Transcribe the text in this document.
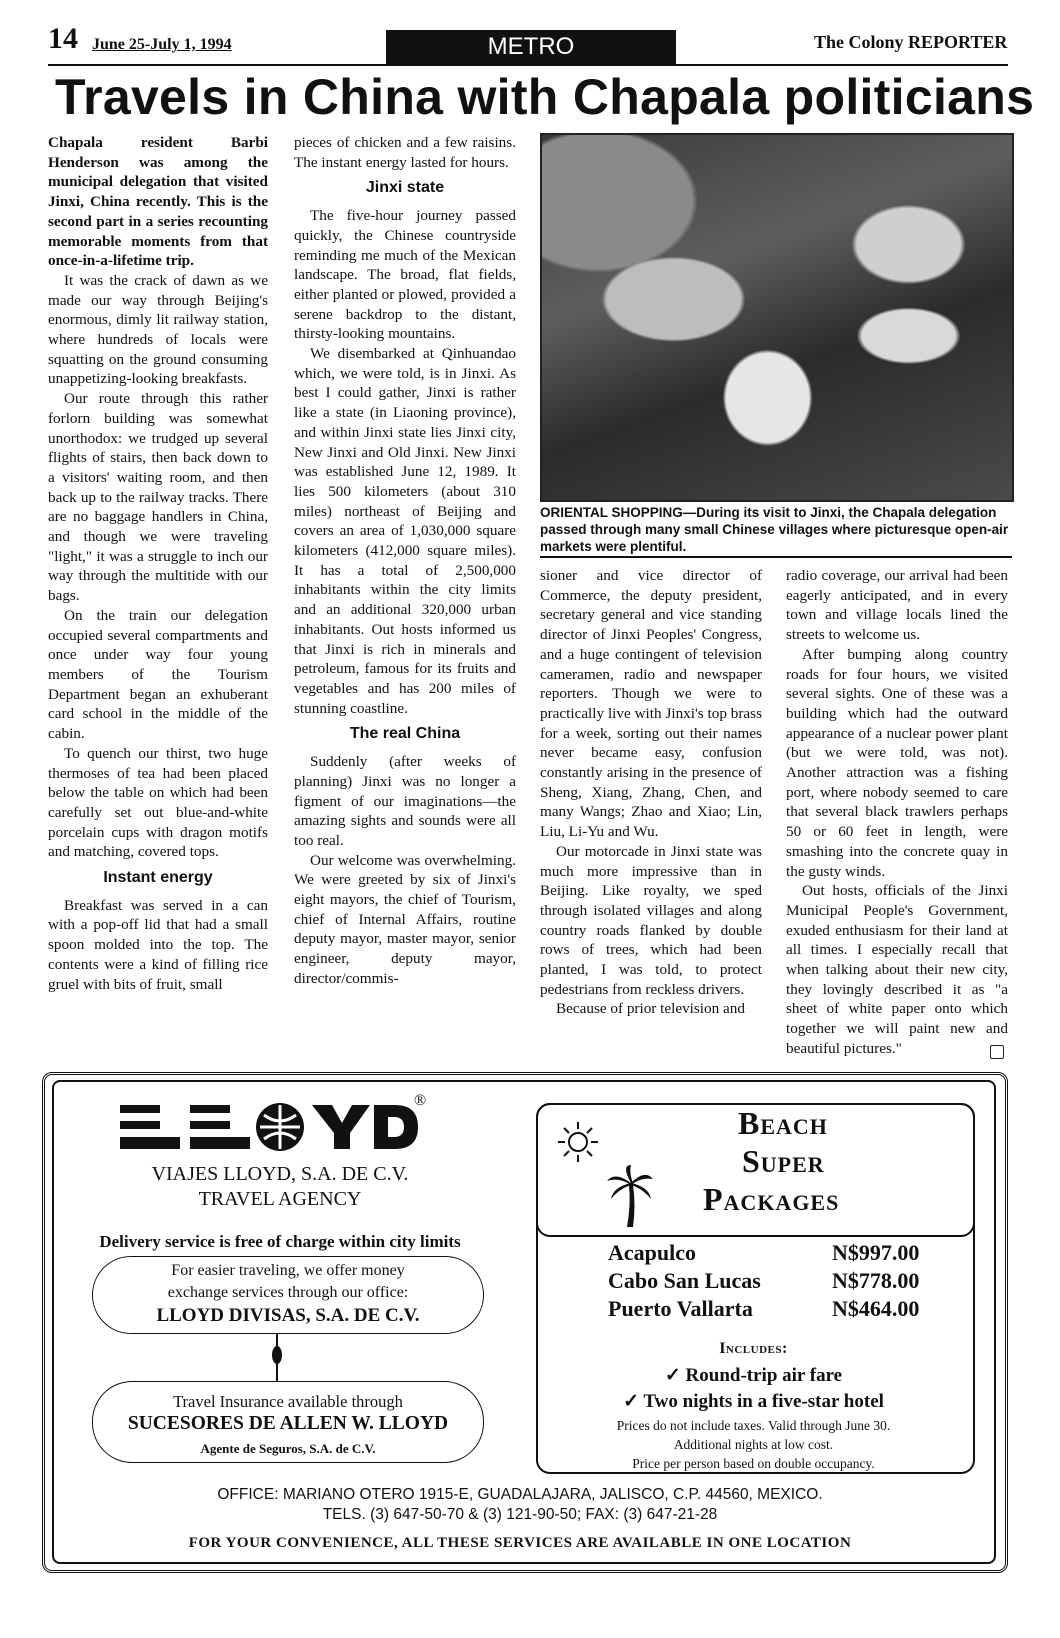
14 June 25-July 1, 1994	METRO	The Colony REPORTER
Travels in China with Chapala politicians

Chapala resident Barbi Henderson was among the municipal delegation that visited Jinxi, China recently. This is the second part in a series recounting memorable moments from that once-in-a-lifetime trip.

It was the crack of dawn as we made our way through Beijing's enormous, dimly lit railway station, where hundreds of locals were squatting on the ground consuming unappetizing-looking breakfasts.

Our route through this rather forlorn building was somewhat unorthodox: we trudged up several flights of stairs, then back down to a visitors' waiting room, and then back up to the railway tracks. There are no baggage handlers in China, and though we were traveling "light," it was a struggle to inch our way through the multitide with our bags.

On the train our delegation occupied several compartments and once under way four young members of the Tourism Department began an exhuberant card school in the middle of the cabin.

To quench our thirst, two huge thermoses of tea had been placed below the table on which had been carefully set out blue-and-white porcelain cups with dragon motifs and matching, covered tops.

Instant energy

Breakfast was served in a can with a pop-off lid that had a small spoon molded into the top. The contents were a kind of filling rice gruel with bits of fruit, small

pieces of chicken and a few raisins. The instant energy lasted for hours.

Jinxi state

The five-hour journey passed quickly, the Chinese countryside reminding me much of the Mexican landscape. The broad, flat fields, either planted or plowed, provided a serene backdrop to the distant, thirsty-looking mountains.

We disembarked at Qinhuandao which, we were told, is in Jinxi. As best I could gather, Jinxi is rather like a state (in Liaoning province), and within Jinxi state lies Jinxi city, New Jinxi and Old Jinxi. New Jinxi was established June 12, 1989. It lies 500 kilometers (about 310 miles) northeast of Beijing and covers an area of 1,030,000 square kilometers (412,000 square miles). It has a total of 2,500,000 inhabitants within the city limits and an additional 320,000 urban inhabitants. Out hosts informed us that Jinxi is rich in minerals and petroleum, famous for its fruits and vegetables and has 200 miles of stunning coastline.

The real China

Suddenly (after weeks of planning) Jinxi was no longer a figment of our imaginations—the amazing sights and sounds were all too real.

Our welcome was overwhelming. We were greeted by six of Jinxi's eight mayors, the chief of Tourism, chief of Internal Affairs, routine deputy mayor, master mayor, senior engineer, deputy mayor, director/commis-

ORIENTAL SHOPPING—During its visit to Jinxi, the Chapala delegation passed through many small Chinese villages where picturesque open-air markets were plentiful.

sioner and vice director of Commerce, the deputy president, secretary general and vice standing director of Jinxi Peoples' Congress, and a huge contingent of television cameramen, radio and newspaper reporters. Though we were to practically live with Jinxi's top brass for a week, sorting out their names never became easy, confusion constantly arising in the presence of Sheng, Xiang, Zhang, Chen, and many Wangs; Zhao and Xiao; Lin, Liu, Li-Yu and Wu.

Our motorcade in Jinxi state was much more impressive than in Beijing. Like royalty, we sped through isolated villages and along country roads flanked by double rows of trees, which had been planted, I was told, to protect pedestrians from reckless drivers.

Because of prior television and

radio coverage, our arrival had been eagerly anticipated, and in every town and village locals lined the streets to welcome us.

After bumping along country roads for four hours, we visited several sights. One of these was a building which had the outward appearance of a nuclear power plant (but we were told, was not). Another attraction was a fishing port, where nobody seemed to care that several black trawlers perhaps 50 or 60 feet in length, were smashing into the concrete quay in the gusty winds.

Out hosts, officials of the Jinxi Municipal People's Government, exuded enthusiasm for their land at all times. I especially recall that when talking about their new city, they lovingly described it as "a sheet of white paper onto which together we will paint new and beautiful pictures."

®
VIAJES LLOYD, S.A. DE C.V.
TRAVEL AGENCY
Delivery service is free of charge within city limits
For easier traveling, we offer money
exchange services through our office:
LLOYD DIVISAS, S.A. DE C.V.
Travel Insurance available through
SUCESORES DE ALLEN W. LLOYD
Agente de Seguros, S.A. de C.V.
Beach
Super
Packages
Acapulco	N$997.00
Cabo San Lucas	N$778.00
Puerto Vallarta	N$464.00
Includes:
✓ Round-trip air fare
✓ Two nights in a five-star hotel
Prices do not include taxes. Valid through June 30.
Additional nights at low cost.
Price per person based on double occupancy.
OFFICE: MARIANO OTERO 1915-E, GUADALAJARA, JALISCO, C.P. 44560, MEXICO.
TELS. (3) 647-50-70 & (3) 121-90-50; FAX: (3) 647-21-28
FOR YOUR CONVENIENCE, ALL THESE SERVICES ARE AVAILABLE IN ONE LOCATION
